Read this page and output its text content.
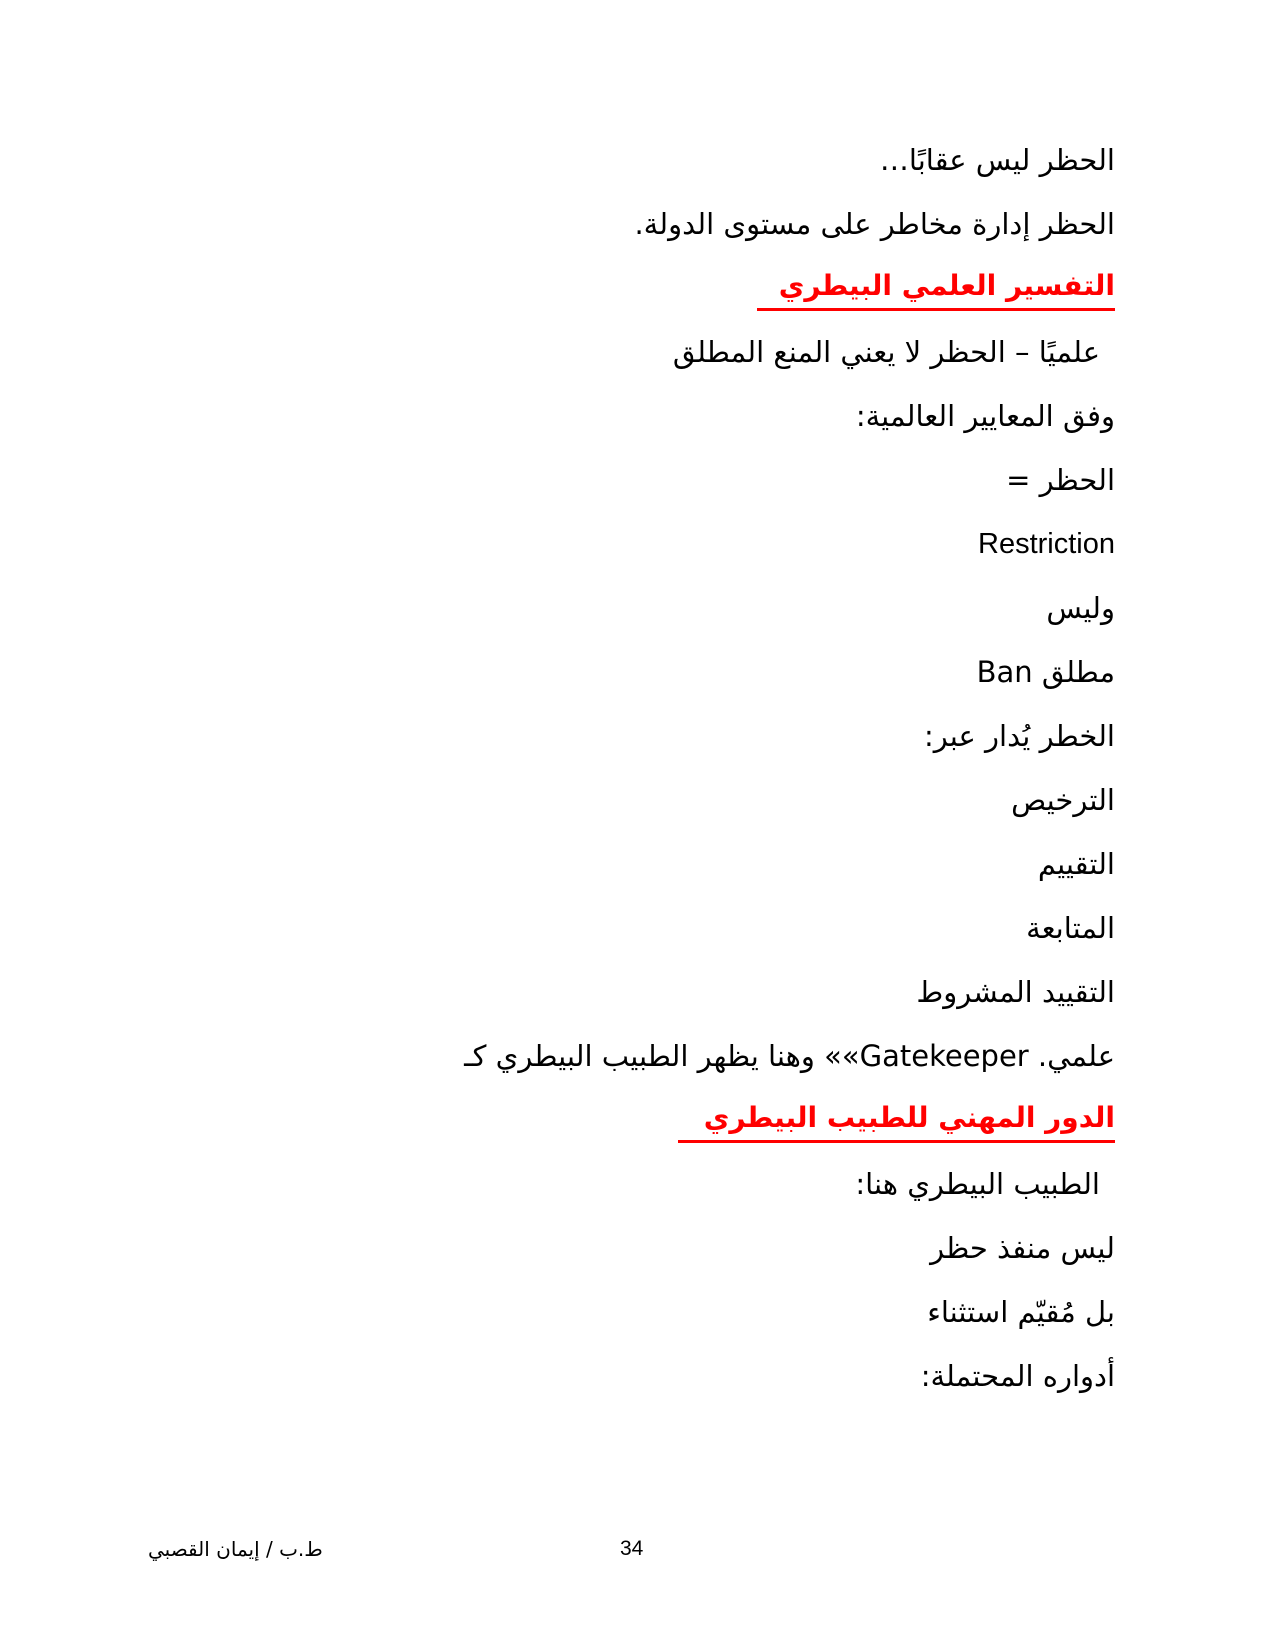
الحظر ليس عقابًا…
الحظر إدارة مخاطر على مستوى الدولة.
التفسير العلمي البيطري
علميًا – الحظر لا يعني المنع المطلق
وفق المعايير العالمية:
الحظر =
Restriction
وليس
مطلق Ban
الخطر يُدار عبر:
الترخيص
التقييم
المتابعة
التقييد المشروط
علمي. Gatekeeper»» وهنا يظهر الطبيب البيطري كـ
الدور المهني للطبيب البيطري
الطبيب البيطري هنا:
ليس منفذ حظر
بل مُقيّم استثناء
أدواره المحتملة:
34
ط.ب / إيمان القصبي
